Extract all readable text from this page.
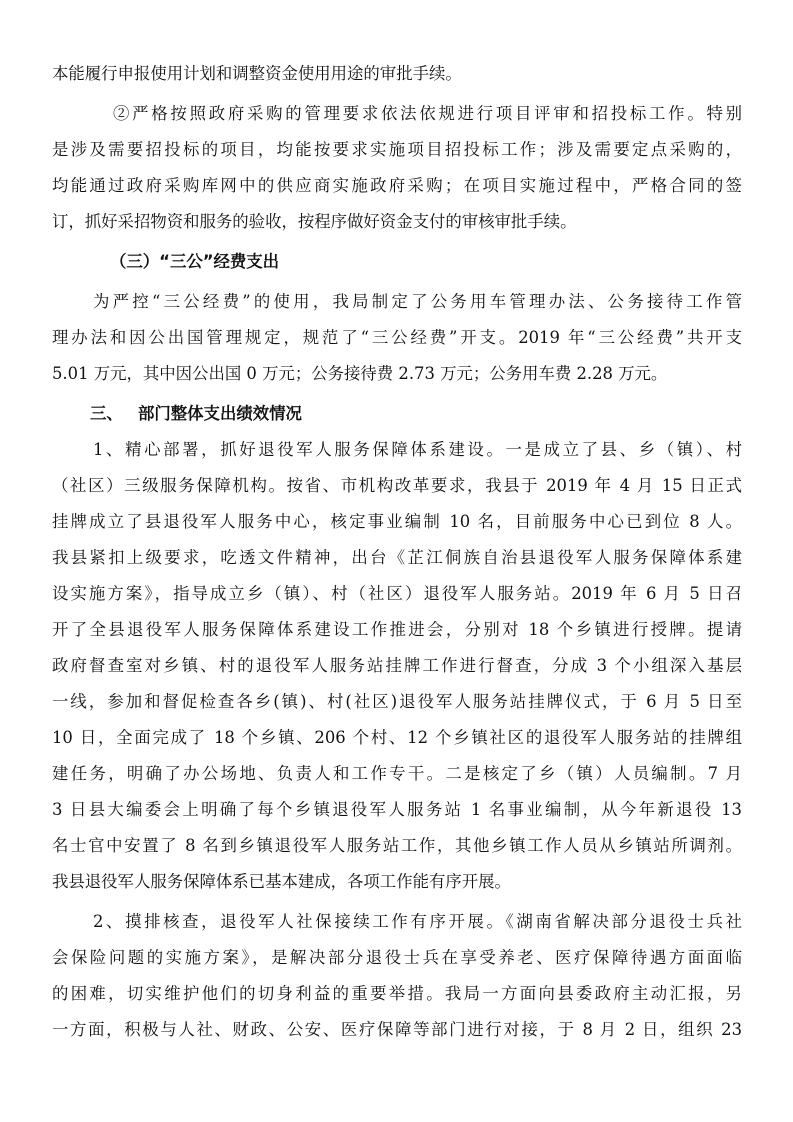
本能履行申报使用计划和调整资金使用用途的审批手续。
②严格按照政府采购的管理要求依法依规进行项目评审和招投标工作。特别
是涉及需要招投标的项目，均能按要求实施项目招投标工作；涉及需要定点采购的，
均能通过政府采购库网中的供应商实施政府采购；在项目实施过程中，严格合同的签
订，抓好采招物资和服务的验收，按程序做好资金支付的审核审批手续。
（三）“三公”经费支出
为严控“三公经费”的使用，我局制定了公务用车管理办法、公务接待工作管
理办法和因公出国管理规定，规范了“三公经费”开支。2019 年“三公经费”共开支
5.01 万元，其中因公出国 0 万元；公务接待费 2.73 万元；公务用车费 2.28 万元。
三、 部门整体支出绩效情况
1、精心部署，抓好退役军人服务保障体系建设。一是成立了县、乡（镇）、村
（社区）三级服务保障机构。按省、市机构改革要求，我县于 2019 年 4 月 15 日正式
挂牌成立了县退役军人服务中心，核定事业编制 10 名，目前服务中心已到位 8 人。
我县紧扣上级要求，吃透文件精神，出台《芷江侗族自治县退役军人服务保障体系建
设实施方案》，指导成立乡（镇）、村（社区）退役军人服务站。2019 年 6 月 5 日召
开了全县退役军人服务保障体系建设工作推进会，分别对 18 个乡镇进行授牌。提请
政府督查室对乡镇、村的退役军人服务站挂牌工作进行督查，分成 3 个小组深入基层
一线，参加和督促检查各乡(镇)、村(社区)退役军人服务站挂牌仪式，于 6 月 5 日至
10 日，全面完成了 18 个乡镇、206 个村、12 个乡镇社区的退役军人服务站的挂牌组
建任务，明确了办公场地、负责人和工作专干。二是核定了乡（镇）人员编制。7 月
3 日县大编委会上明确了每个乡镇退役军人服务站 1 名事业编制，从今年新退役 13
名士官中安置了 8 名到乡镇退役军人服务站工作，其他乡镇工作人员从乡镇站所调剂。
我县退役军人服务保障体系已基本建成，各项工作能有序开展。
2、摸排核查，退役军人社保接续工作有序开展。《湖南省解决部分退役士兵社
会保险问题的实施方案》，是解决部分退役士兵在享受养老、医疗保障待遇方面面临
的困难，切实维护他们的切身利益的重要举措。我局一方面向县委政府主动汇报，另
一方面，积极与人社、财政、公安、医疗保障等部门进行对接，于 8 月 2 日，组织 23
